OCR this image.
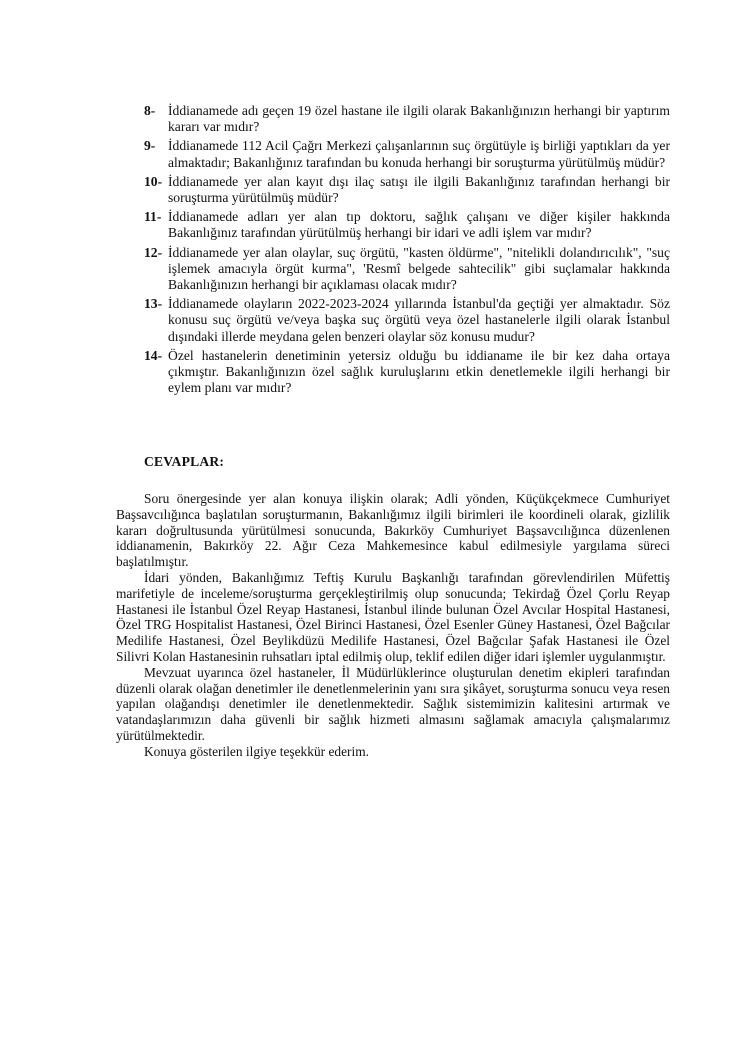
8- İddianamede adı geçen 19 özel hastane ile ilgili olarak Bakanlığınızın herhangi bir yaptırım kararı var mıdır?
9- İddianamede 112 Acil Çağrı Merkezi çalışanlarının suç örgütüyle iş birliği yaptıkları da yer almaktadır; Bakanlığınız tarafından bu konuda herhangi bir soruşturma yürütülmüş müdür?
10- İddianamede yer alan kayıt dışı ilaç satışı ile ilgili Bakanlığınız tarafından herhangi bir soruşturma yürütülmüş müdür?
11- İddianamede adları yer alan tıp doktoru, sağlık çalışanı ve diğer kişiler hakkında Bakanlığınız tarafından yürütülmüş herhangi bir idari ve adli işlem var mıdır?
12- İddianamede yer alan olaylar, suç örgütü, "kasten öldürme", "nitelikli dolandırıcılık", "suç işlemek amacıyla örgüt kurma", 'Resmî belgede sahtecilik" gibi suçlamalar hakkında Bakanlığınızın herhangi bir açıklaması olacak mıdır?
13- İddianamede olayların 2022-2023-2024 yıllarında İstanbul'da geçtiği yer almaktadır. Söz konusu suç örgütü ve/veya başka suç örgütü veya özel hastanelerle ilgili olarak İstanbul dışındaki illerde meydana gelen benzeri olaylar söz konusu mudur?
14- Özel hastanelerin denetiminin yetersiz olduğu bu iddianame ile bir kez daha ortaya çıkmıştır. Bakanlığınızın özel sağlık kuruluşlarını etkin denetlemekle ilgili herhangi bir eylem planı var mıdır?
CEVAPLAR:

Soru önergesinde yer alan konuya ilişkin olarak; Adli yönden, Küçükçekmece Cumhuriyet Başsavcılığınca başlatılan soruşturmanın, Bakanlığımız ilgili birimleri ile koordineli olarak, gizlilik kararı doğrultusunda yürütülmesi sonucunda, Bakırköy Cumhuriyet Başsavcılığınca düzenlenen iddianamenin, Bakırköy 22. Ağır Ceza Mahkemesince kabul edilmesiyle yargılama süreci başlatılmıştır.

İdari yönden, Bakanlığımız Teftiş Kurulu Başkanlığı tarafından görevlendirilen Müfettiş marifetiyle de inceleme/soruşturma gerçekleştirilmiş olup sonucunda; Tekirdağ Özel Çorlu Reyap Hastanesi ile İstanbul Özel Reyap Hastanesi, İstanbul ilinde bulunan Özel Avcılar Hospital Hastanesi, Özel TRG Hospitalist Hastanesi, Özel Birinci Hastanesi, Özel Esenler Güney Hastanesi, Özel Bağcılar Medilife Hastanesi, Özel Beylikdüzü Medilife Hastanesi, Özel Bağcılar Şafak Hastanesi ile Özel Silivri Kolan Hastanesinin ruhsatları iptal edilmiş olup, teklif edilen diğer idari işlemler uygulanmıştır.

Mevzuat uyarınca özel hastaneler, İl Müdürlüklerince oluşturulan denetim ekipleri tarafından düzenli olarak olağan denetimler ile denetlenmelerinin yanı sıra şikâyet, soruşturma sonucu veya resen yapılan olağandışı denetimler ile denetlenmektedir. Sağlık sistemimizin kalitesini artırmak ve vatandaşlarımızın daha güvenli bir sağlık hizmeti almasını sağlamak amacıyla çalışmalarımız yürütülmektedir.

Konuya gösterilen ilgiye teşekkür ederim.
